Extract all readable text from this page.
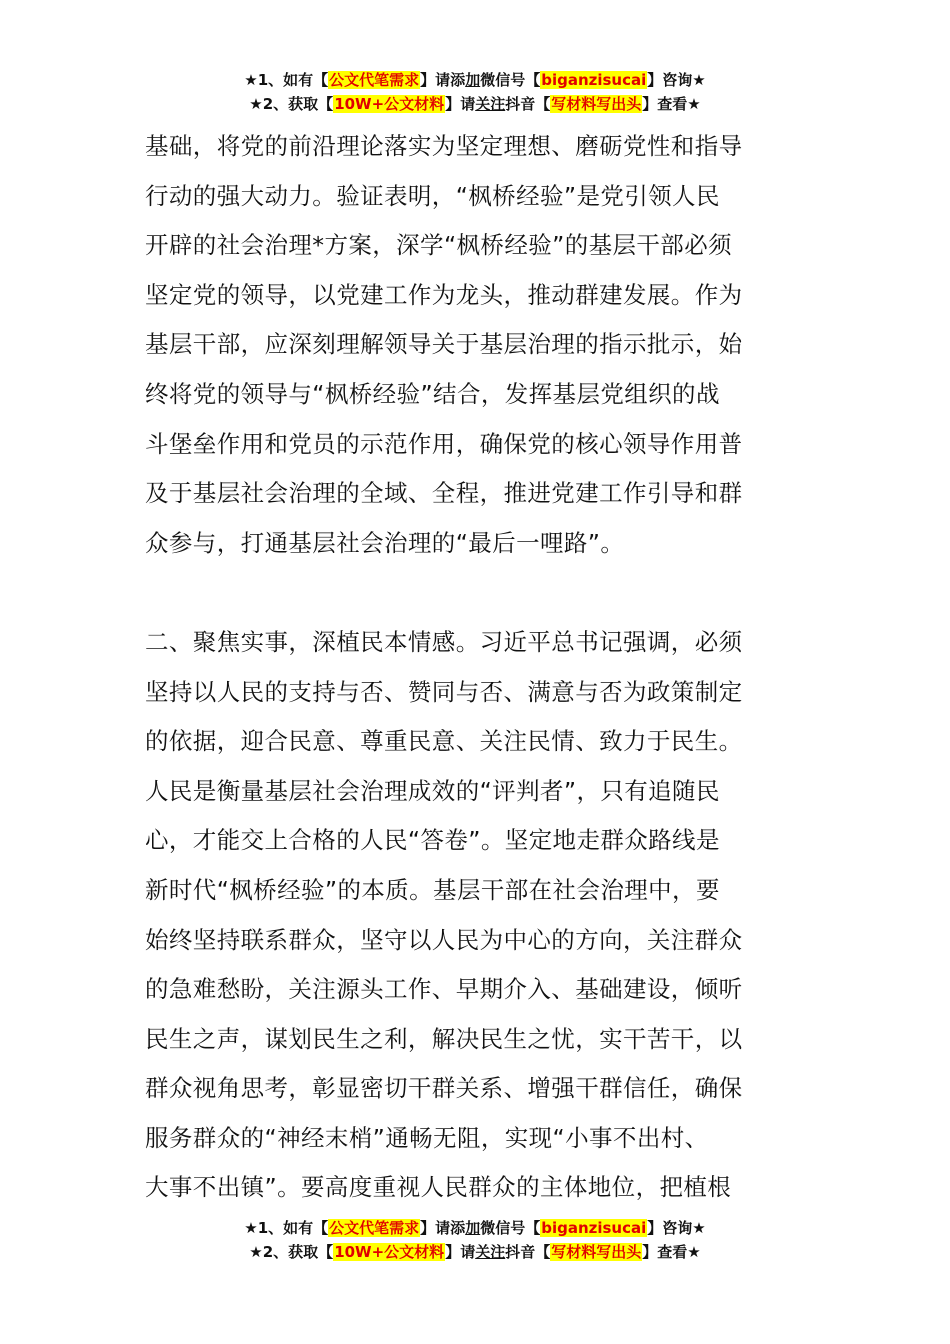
★1、如有【公文代笔需求】请添加微信号【biganzisucai】咨询★
★2、获取【10W+公文材料】请关注抖音【写材料写出头】查看★
基础，将党的前沿理论落实为坚定理想、磨砺党性和指导
行动的强大动力。验证表明，“枫桥经验”是党引领人民
开辟的社会治理*方案，深学“枫桥经验”的基层干部必须
坚定党的领导，以党建工作为龙头，推动群建发展。作为
基层干部，应深刻理解领导关于基层治理的指示批示，始
终将党的领导与“枫桥经验”结合，发挥基层党组织的战
斗堡垒作用和党员的示范作用，确保党的核心领导作用普
及于基层社会治理的全域、全程，推进党建工作引导和群
众参与，打通基层社会治理的“最后一哩路”。
二、聚焦实事，深植民本情感。习近平总书记强调，必须
坚持以人民的支持与否、赞同与否、满意与否为政策制定
的依据，迎合民意、尊重民意、关注民情、致力于民生。
人民是衡量基层社会治理成效的“评判者”，只有追随民
心，才能交上合格的人民“答卷”。坚定地走群众路线是
新时代“枫桥经验”的本质。基层干部在社会治理中，要
始终坚持联系群众，坚守以人民为中心的方向，关注群众
的急难愁盼，关注源头工作、早期介入、基础建设，倾听
民生之声，谋划民生之利，解决民生之忧，实干苦干，以
群众视角思考，彰显密切干群关系、增强干群信任，确保
服务群众的“神经末梢”通畅无阻，实现“小事不出村、
大事不出镇”。要高度重视人民群众的主体地位，把植根
★1、如有【公文代笔需求】请添加微信号【biganzisucai】咨询★
★2、获取【10W+公文材料】请关注抖音【写材料写出头】查看★
